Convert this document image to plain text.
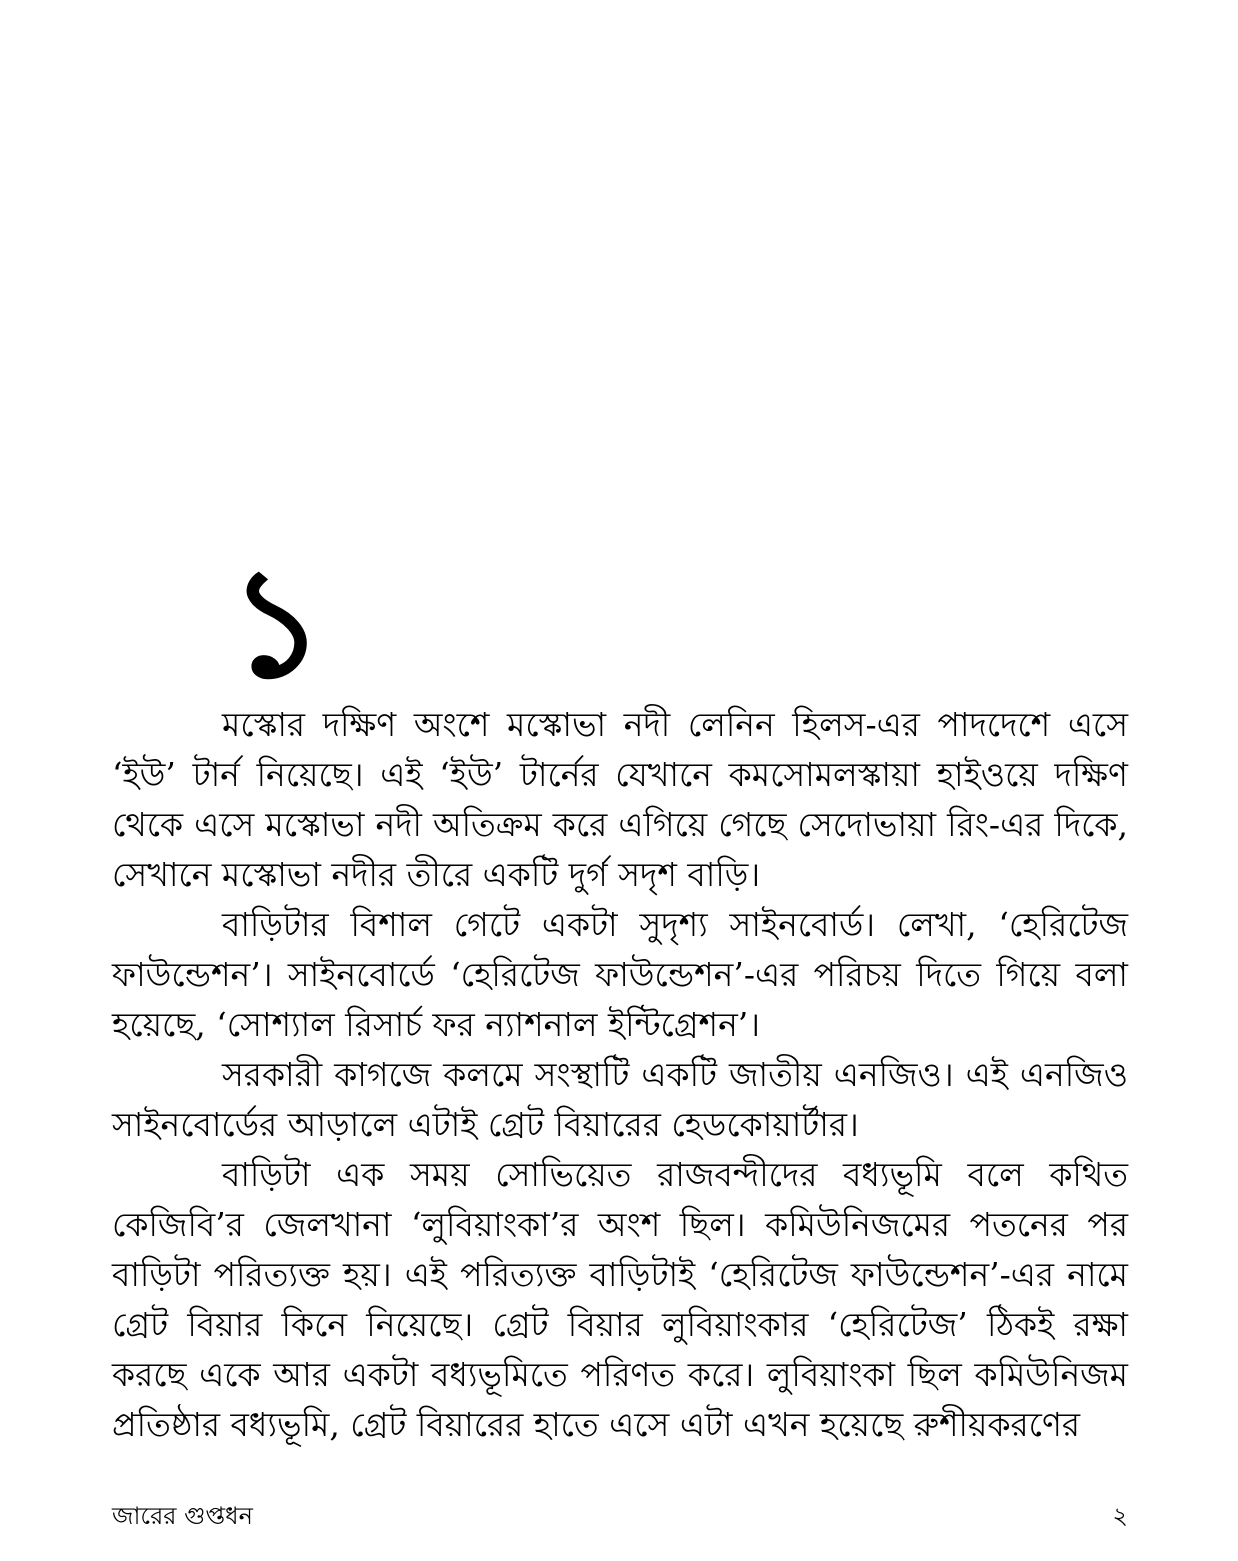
১

মস্কোর দক্ষিণ অংশে মস্কোভা নদী লেনিন হিলস-এর পাদদেশে এসে ‘ইউ’ টার্ন নিয়েছে। এই ‘ইউ’ টার্নের যেখানে কমসোমলস্কায়া হাইওয়ে দক্ষিণ থেকে এসে মস্কোভা নদী অতিক্রম করে এগিয়ে গেছে সেদোভায়া রিং-এর দিকে, সেখানে মস্কোভা নদীর তীরে একটি দুর্গ সদৃশ বাড়ি।

বাড়িটার বিশাল গেটে একটা সুদৃশ্য সাইনবোর্ড। লেখা, ‘হেরিটেজ ফাউন্ডেশন’। সাইনবোর্ডে ‘হেরিটেজ ফাউন্ডেশন’-এর পরিচয় দিতে গিয়ে বলা হয়েছে, ‘সোশ্যাল রিসার্চ ফর ন্যাশনাল ইন্টিগ্রেশন’।

সরকারী কাগজে কলমে সংস্থাটি একটি জাতীয় এনজিও। এই এনজিও সাইনবোর্ডের আড়ালে এটাই গ্রেট বিয়ারের হেডকোয়ার্টার।

বাড়িটা এক সময় সোভিয়েত রাজবন্দীদের বধ্যভূমি বলে কথিত কেজিবি’র জেলখানা ‘লুবিয়াংকা’র অংশ ছিল। কমিউনিজমের পতনের পর বাড়িটা পরিত্যক্ত হয়। এই পরিত্যক্ত বাড়িটাই ‘হেরিটেজ ফাউন্ডেশন’-এর নামে গ্রেট বিয়ার কিনে নিয়েছে। গ্রেট বিয়ার লুবিয়াংকার ‘হেরিটেজ’ ঠিকই রক্ষা করছে একে আর একটা বধ্যভূমিতে পরিণত করে। লুবিয়াংকা ছিল কমিউনিজম প্রতিষ্ঠার বধ্যভূমি, গ্রেট বিয়ারের হাতে এসে এটা এখন হয়েছে রুশীয়করণের

জারের গুপ্তধন	২
